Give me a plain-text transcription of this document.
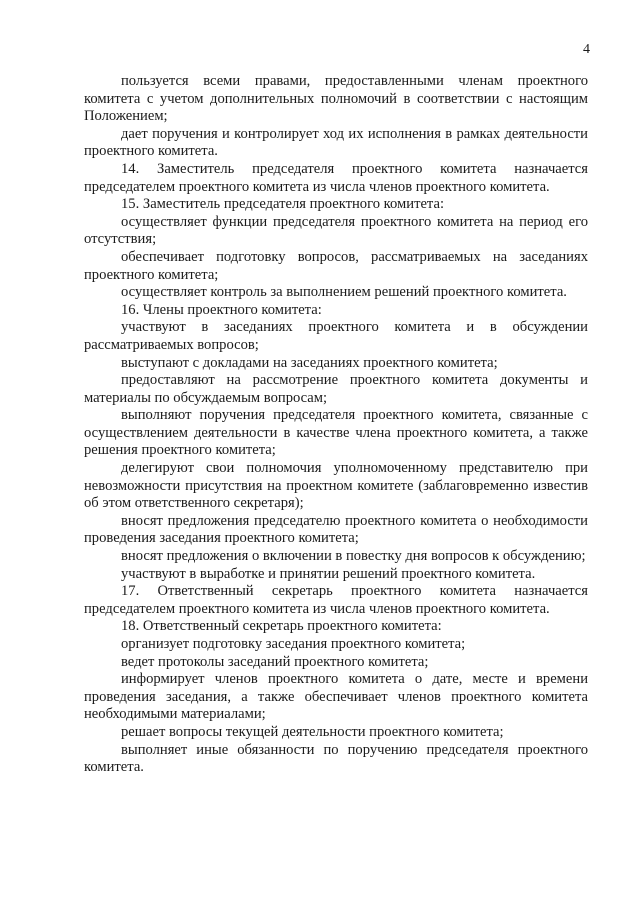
4

пользуется всеми правами, предоставленными членам проектного комитета с учетом дополнительных полномочий в соответствии с настоящим Положением;

дает поручения и контролирует ход их исполнения в рамках деятельности проектного комитета.

14. Заместитель председателя проектного комитета назначается председателем проектного комитета из числа членов проектного комитета.

15. Заместитель председателя проектного комитета:

осуществляет функции председателя проектного комитета на период его отсутствия;

обеспечивает подготовку вопросов, рассматриваемых на заседаниях проектного комитета;

осуществляет контроль за выполнением решений проектного комитета.

16. Члены проектного комитета:

участвуют в заседаниях проектного комитета и в обсуждении рассматриваемых вопросов;

выступают с докладами на заседаниях проектного комитета;

предоставляют на рассмотрение проектного комитета документы и материалы по обсуждаемым вопросам;

выполняют поручения председателя проектного комитета, связанные с осуществлением деятельности в качестве члена проектного комитета, а также решения проектного комитета;

делегируют свои полномочия уполномоченному представителю при невозможности присутствия на проектном комитете (заблаговременно известив об этом ответственного секретаря);

вносят предложения председателю проектного комитета о необходимости проведения заседания проектного комитета;

вносят предложения о включении в повестку дня вопросов к обсуждению;

участвуют в выработке и принятии решений проектного комитета.

17. Ответственный секретарь проектного комитета назначается председателем проектного комитета из числа членов проектного комитета.

18. Ответственный секретарь проектного комитета:

организует подготовку заседания проектного комитета;

ведет протоколы заседаний проектного комитета;

информирует членов проектного комитета о дате, месте и времени проведения заседания, а также обеспечивает членов проектного комитета необходимыми материалами;

решает вопросы текущей деятельности проектного комитета;

выполняет иные обязанности по поручению председателя проектного комитета.
